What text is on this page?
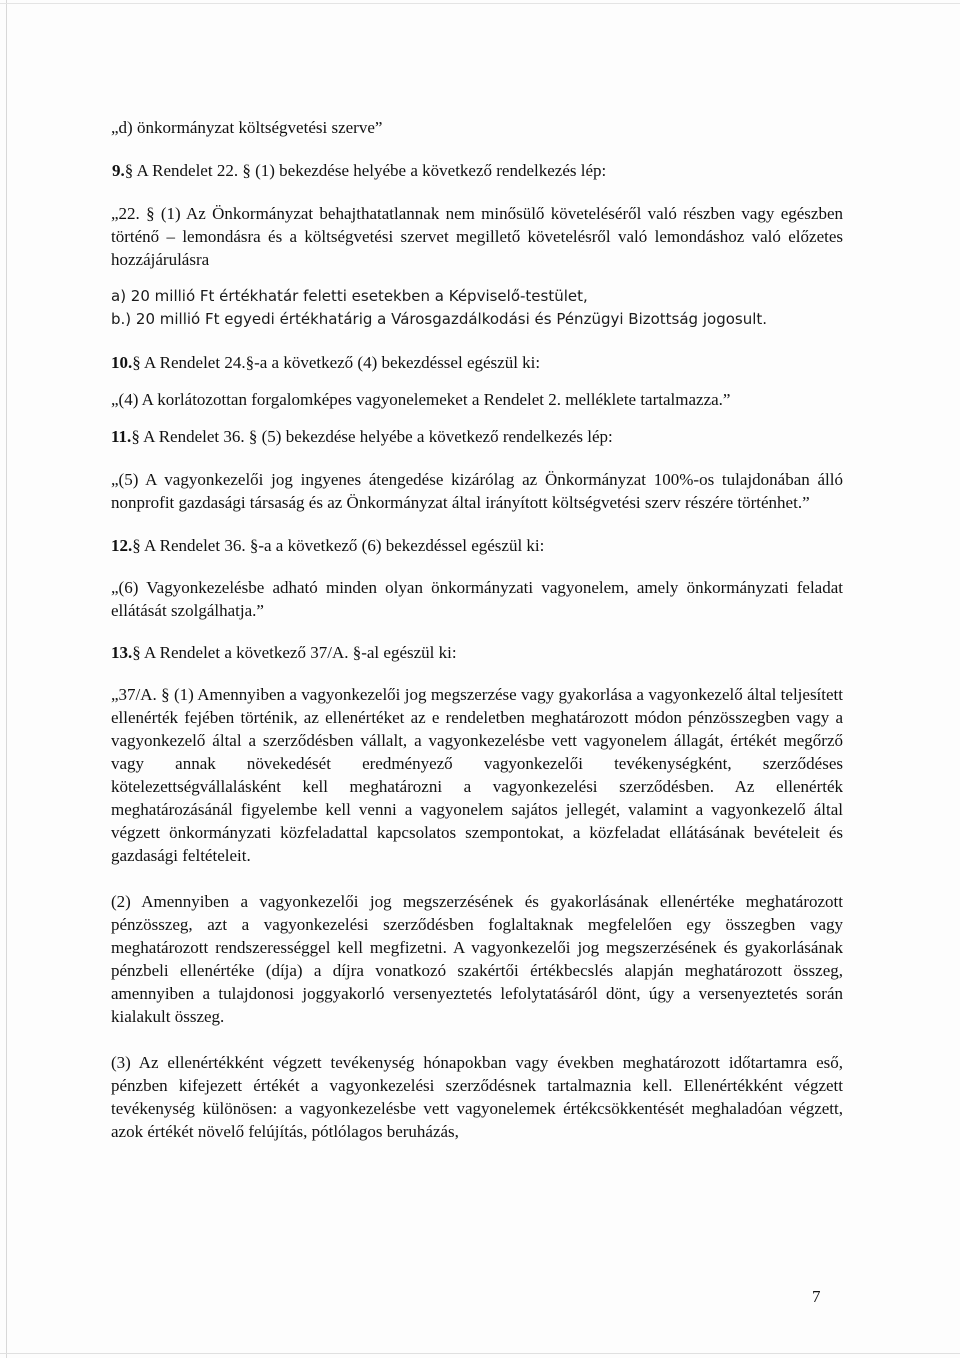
„d) önkormányzat költségvetési szerve”

9.§ A Rendelet 22. § (1) bekezdése helyébe a következő rendelkezés lép:

„22. § (1) Az Önkormányzat behajthatatlannak nem minősülő követeléséről való részben vagy egészben történő – lemondásra és a költségvetési szervet megillető követelésről való lemondáshoz való előzetes hozzájárulásra

a) 20 millió Ft értékhatár feletti esetekben a Képviselő-testület,

b.) 20 millió Ft egyedi értékhatárig a Városgazdálkodási és Pénzügyi Bizottság jogosult.

10.§ A Rendelet 24.§-a a következő (4) bekezdéssel egészül ki:

„(4) A korlátozottan forgalomképes vagyonelemeket a Rendelet 2. melléklete tartalmazza.”

11.§ A Rendelet 36. § (5) bekezdése helyébe a következő rendelkezés lép:

„(5) A vagyonkezelői jog ingyenes átengedése kizárólag az Önkormányzat 100%-os tulajdonában álló nonprofit gazdasági társaság és az Önkormányzat által irányított költségvetési szerv részére történhet.”

12.§ A Rendelet 36. §-a a következő (6) bekezdéssel egészül ki:

„(6) Vagyonkezelésbe adható minden olyan önkormányzati vagyonelem, amely önkormányzati feladat ellátását szolgálhatja.”

13.§ A Rendelet a következő 37/A. §-al egészül ki:

„37/A. § (1) Amennyiben a vagyonkezelői jog megszerzése vagy gyakorlása a vagyonkezelő által teljesített ellenérték fejében történik, az ellenértéket az e rendeletben meghatározott módon pénzösszegben vagy a vagyonkezelő által a szerződésben vállalt, a vagyonkezelésbe vett vagyonelem állagát, értékét megőrző vagy annak növekedését eredményező vagyonkezelői tevékenységként, szerződéses kötelezettségvállalásként kell meghatározni a vagyonkezelési szerződésben. Az ellenérték meghatározásánál figyelembe kell venni a vagyonelem sajátos jellegét, valamint a vagyonkezelő által végzett önkormányzati közfeladattal kapcsolatos szempontokat, a közfeladat ellátásának bevételeit és gazdasági feltételeit.

(2) Amennyiben a vagyonkezelői jog megszerzésének és gyakorlásának ellenértéke meghatározott pénzösszeg, azt a vagyonkezelési szerződésben foglaltaknak megfelelően egy összegben vagy meghatározott rendszerességgel kell megfizetni. A vagyonkezelői jog megszerzésének és gyakorlásának pénzbeli ellenértéke (díja) a díjra vonatkozó szakértői értékbecslés alapján meghatározott összeg, amennyiben a tulajdonosi joggyakorló versenyeztetés lefolytatásáról dönt, úgy a versenyeztetés során kialakult összeg.

(3) Az ellenértékként végzett tevékenység hónapokban vagy években meghatározott időtartamra eső, pénzben kifejezett értékét a vagyonkezelési szerződésnek tartalmaznia kell. Ellenértékként végzett tevékenység különösen: a vagyonkezelésbe vett vagyonelemek értékcsökkentését meghaladóan végzett, azok értékét növelő felújítás, pótlólagos beruházás,

7
